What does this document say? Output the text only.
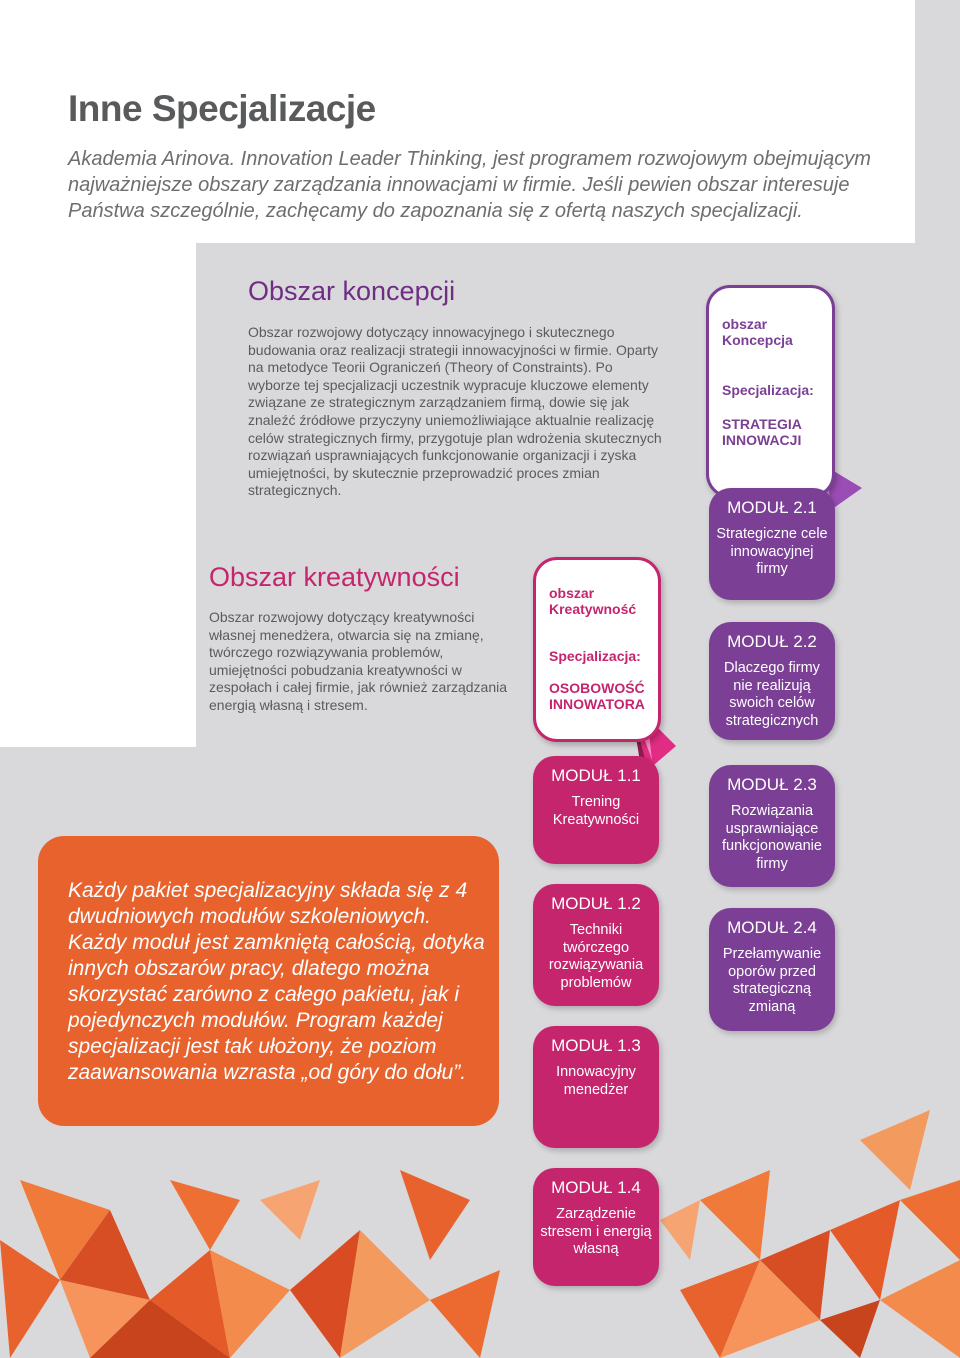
Inne Specjalizacje

Akademia Arinova. Innovation Leader Thinking, jest programem rozwojowym obejmującym najważniejsze obszary zarządzania innowacjami w firmie. Jeśli pewien obszar interesuje Państwa szczególnie, zachęcamy do zapoznania się z ofertą naszych specjalizacji.

Obszar koncepcji

Obszar rozwojowy dotyczący innowacyjnego i skutecznego budowania oraz realizacji strategii innowacyjności w firmie. Oparty na metodyce Teorii Ograniczeń (Theory of Constraints). Po wyborze tej specjalizacji uczestnik wypracuje kluczowe elementy związane ze strategicznym zarządzaniem firmą, dowie się jak znaleźć źródłowe przyczyny uniemożliwiające aktualnie realizację celów strategicznych firmy, przygotuje plan wdrożenia skutecznych rozwiązań usprawniających funkcjonowanie organizacji i zyska umiejętności, by skutecznie przeprowadzić proces zmian strategicznych.

Obszar kreatywności

Obszar rozwojowy dotyczący kreatywności własnej menedżera, otwarcia się na zmianę, twórczego rozwiązywania problemów, umiejętności pobudzania kreatywności w zespołach i całej firmie, jak również zarządzania energią własną i stresem.

Każdy pakiet specjalizacyjny składa się z 4 dwudniowych modułów szkoleniowych. Każdy moduł jest zamkniętą całością, dotyka innych obszarów pracy, dlatego można skorzystać zarówno z całego pakietu, jak i pojedynczych modułów. Program każdej specjalizacji jest tak ułożony, że poziom zaawansowania wzrasta „od góry do dołu”.

obszar
Koncepcja
Specjalizacja:
STRATEGIA
INNOWACJI
obszar
Kreatywność
Specjalizacja:
OSOBOWOŚĆ
INNOWATORA
MODUŁ 2.1
Strategiczne cele innowacyjnej firmy
MODUŁ 2.2
Dlaczego firmy nie realizują swoich celów strategicznych
MODUŁ 2.3
Rozwiązania usprawniające funkcjonowanie firmy
MODUŁ 2.4
Przełamywanie oporów przed strategiczną zmianą
MODUŁ 1.1
Trening Kreatywności
MODUŁ 1.2
Techniki twórczego rozwiązywania problemów
MODUŁ 1.3
Innowacyjny menedżer
MODUŁ 1.4
Zarządzenie stresem i energią własną
